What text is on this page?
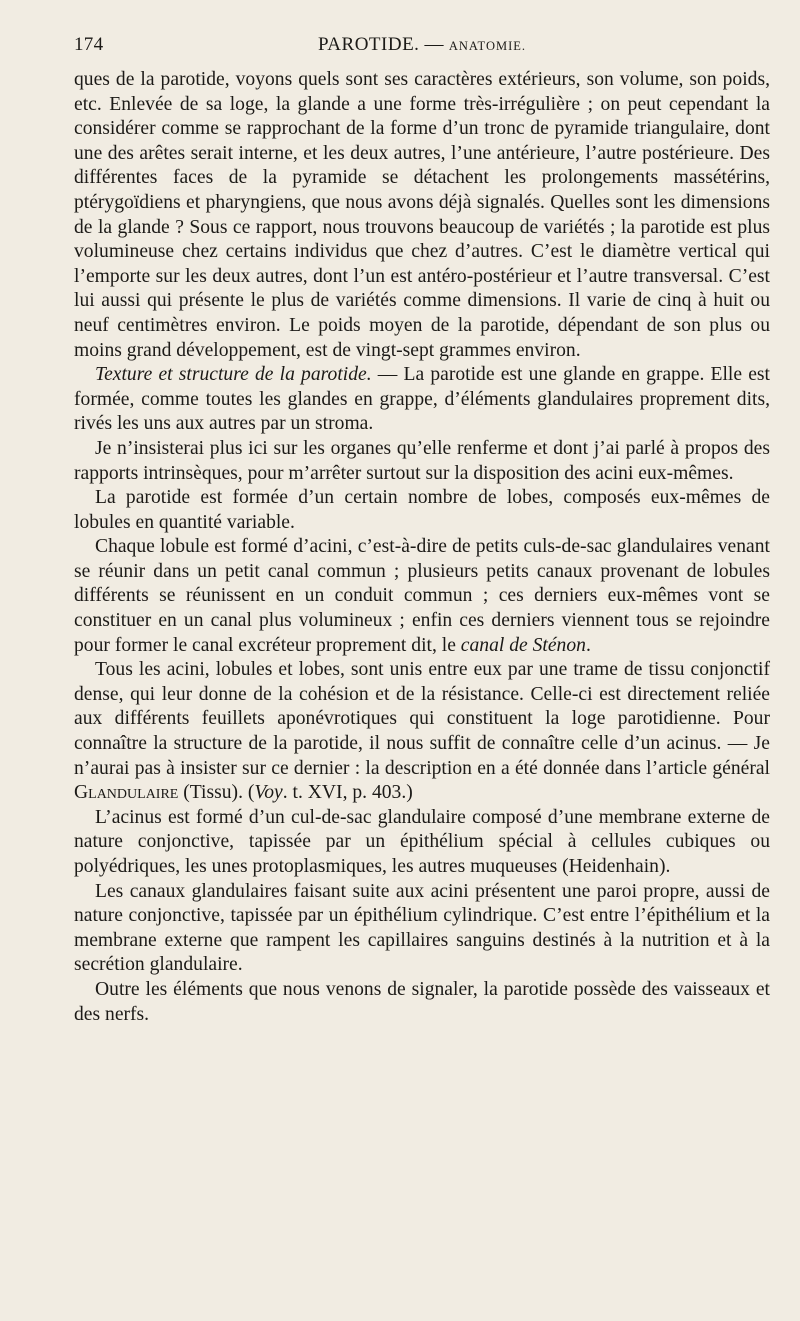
174	PAROTIDE. — ANATOMIE.

ques de la parotide, voyons quels sont ses caractères extérieurs, son volume, son poids, etc. Enlevée de sa loge, la glande a une forme très-irrégulière ; on peut cependant la considérer comme se rapprochant de la forme d’un tronc de pyramide triangulaire, dont une des arêtes serait interne, et les deux autres, l’une antérieure, l’autre postérieure. Des différentes faces de la pyramide se détachent les prolongements massétérins, ptérygoïdiens et pharyngiens, que nous avons déjà signalés. Quelles sont les dimensions de la glande ? Sous ce rapport, nous trouvons beaucoup de variétés ; la parotide est plus volumineuse chez certains individus que chez d’autres. C’est le diamètre vertical qui l’emporte sur les deux autres, dont l’un est antéro-postérieur et l’autre transversal. C’est lui aussi qui présente le plus de variétés comme dimensions. Il varie de cinq à huit ou neuf centimètres environ. Le poids moyen de la parotide, dépendant de son plus ou moins grand développement, est de vingt-sept grammes environ.

Texture et structure de la parotide. — La parotide est une glande en grappe. Elle est formée, comme toutes les glandes en grappe, d’éléments glandulaires proprement dits, rivés les uns aux autres par un stroma.

Je n’insisterai plus ici sur les organes qu’elle renferme et dont j’ai parlé à propos des rapports intrinsèques, pour m’arrêter surtout sur la disposition des acini eux-mêmes.

La parotide est formée d’un certain nombre de lobes, composés eux-mêmes de lobules en quantité variable.

Chaque lobule est formé d’acini, c’est-à-dire de petits culs-de-sac glandulaires venant se réunir dans un petit canal commun ; plusieurs petits canaux provenant de lobules différents se réunissent en un conduit commun ; ces derniers eux-mêmes vont se constituer en un canal plus volumineux ; enfin ces derniers viennent tous se rejoindre pour former le canal excréteur proprement dit, le canal de Sténon.

Tous les acini, lobules et lobes, sont unis entre eux par une trame de tissu conjonctif dense, qui leur donne de la cohésion et de la résistance. Celle-ci est directement reliée aux différents feuillets aponévrotiques qui constituent la loge parotidienne. Pour connaître la structure de la parotide, il nous suffit de connaître celle d’un acinus. — Je n’aurai pas à insister sur ce dernier : la description en a été donnée dans l’article général Glandulaire (Tissu). (Voy. t. XVI, p. 403.)

L’acinus est formé d’un cul-de-sac glandulaire composé d’une membrane externe de nature conjonctive, tapissée par un épithélium spécial à cellules cubiques ou polyédriques, les unes protoplasmiques, les autres muqueuses (Heidenhain).

Les canaux glandulaires faisant suite aux acini présentent une paroi propre, aussi de nature conjonctive, tapissée par un épithélium cylindrique. C’est entre l’épithélium et la membrane externe que rampent les capillaires sanguins destinés à la nutrition et à la secrétion glandulaire.

Outre les éléments que nous venons de signaler, la parotide possède des vaisseaux et des nerfs.
